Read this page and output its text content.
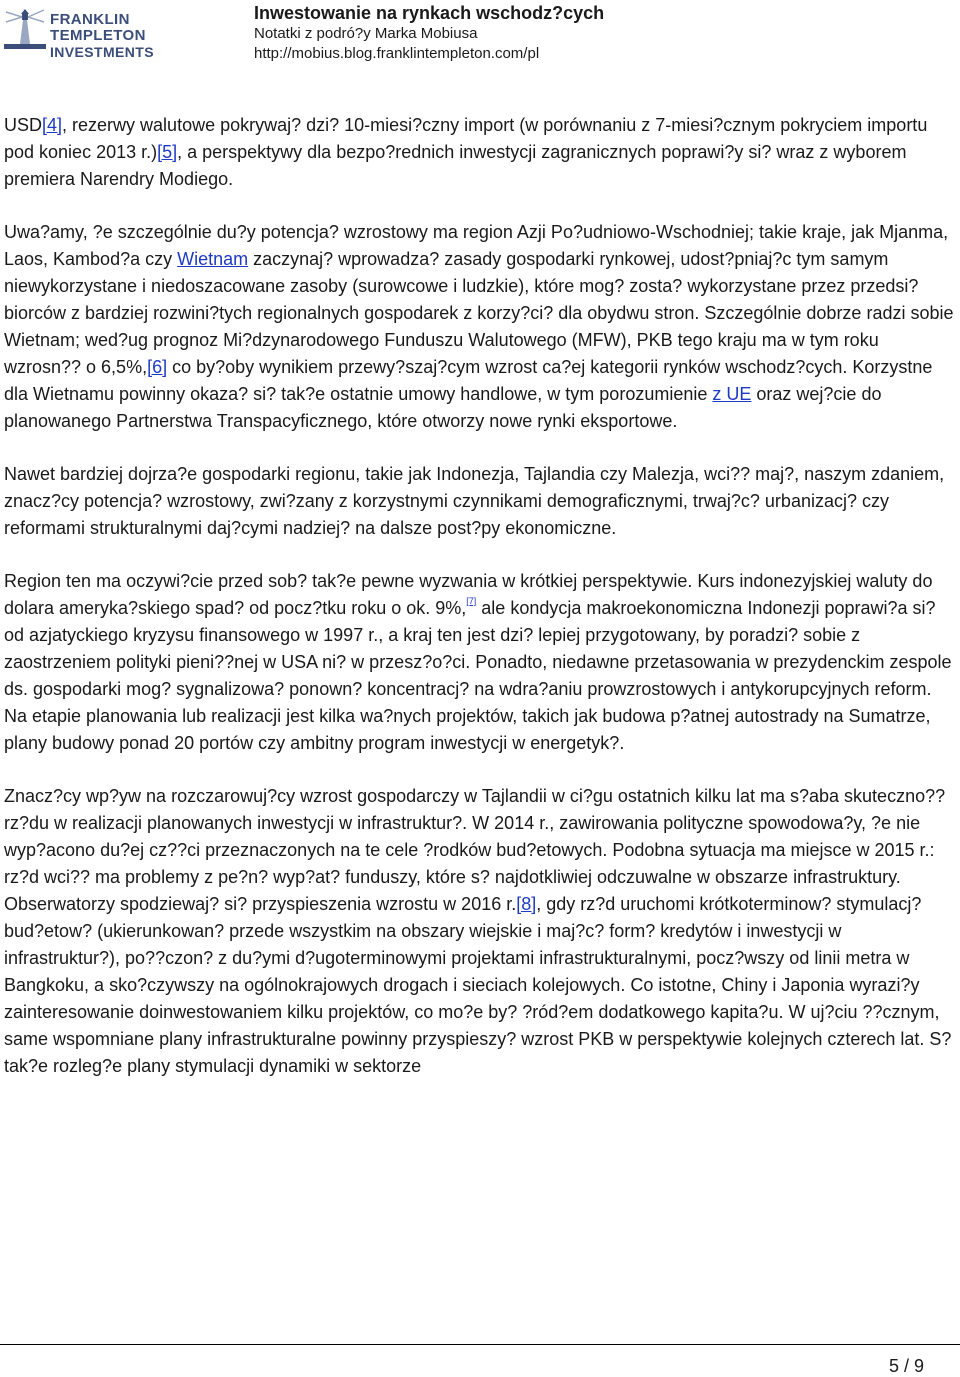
FRANKLIN TEMPLETON
INVESTMENTS
Inwestowanie na rynkach wschodz?cych
Notatki z podró?y Marka Mobiusa
http://mobius.blog.franklintempleton.com/pl

USD[4], rezerwy walutowe pokrywaj? dzi? 10-miesi?czny import (w porównaniu z 7-miesi?cznym pokryciem importu pod koniec 2013 r.)[5], a perspektywy dla bezpo?rednich inwestycji zagranicznych poprawi?y si? wraz z wyborem premiera Narendry Modiego.

Uwa?amy, ?e szczególnie du?y potencja? wzrostowy ma region Azji Po?udniowo-Wschodniej; takie kraje, jak Mjanma, Laos, Kambod?a czy Wietnam zaczynaj? wprowadza? zasady gospodarki rynkowej, udost?pniaj?c tym samym niewykorzystane i niedoszacowane zasoby (surowcowe i ludzkie), które mog? zosta? wykorzystane przez przedsi?biorców z bardziej rozwini?tych regionalnych gospodarek z korzy?ci? dla obydwu stron. Szczególnie dobrze radzi sobie Wietnam; wed?ug prognoz Mi?dzynarodowego Funduszu Walutowego (MFW), PKB tego kraju ma w tym roku wzrosn?? o 6,5%,[6] co by?oby wynikiem przewy?szaj?cym wzrost ca?ej kategorii rynków wschodz?cych. Korzystne dla Wietnamu powinny okaza? si? tak?e ostatnie umowy handlowe, w tym porozumienie z UE oraz wej?cie do planowanego Partnerstwa Transpacyficznego, które otworzy nowe rynki eksportowe.

Nawet bardziej dojrza?e gospodarki regionu, takie jak Indonezja, Tajlandia czy Malezja, wci?? maj?, naszym zdaniem, znacz?cy potencja? wzrostowy, zwi?zany z korzystnymi czynnikami demograficznymi, trwaj?c? urbanizacj? czy reformami strukturalnymi daj?cymi nadziej? na dalsze post?py ekonomiczne.

Region ten ma oczywi?cie przed sob? tak?e pewne wyzwania w krótkiej perspektywie. Kurs indonezyjskiej waluty do dolara ameryka?skiego spad? od pocz?tku roku o ok. 9%,[7] ale kondycja makroekonomiczna Indonezji poprawi?a si? od azjatyckiego kryzysu finansowego w 1997 r., a kraj ten jest dzi? lepiej przygotowany, by poradzi? sobie z zaostrzeniem polityki pieni??nej w USA ni? w przesz?o?ci. Ponadto, niedawne przetasowania w prezydenckim zespole ds. gospodarki mog? sygnalizowa? ponown? koncentracj? na wdra?aniu prowzrostowych i antykorupcyjnych reform. Na etapie planowania lub realizacji jest kilka wa?nych projektów, takich jak budowa p?atnej autostrady na Sumatrze, plany budowy ponad 20 portów czy ambitny program inwestycji w energetyk?.

Znacz?cy wp?yw na rozczarowuj?cy wzrost gospodarczy w Tajlandii w ci?gu ostatnich kilku lat ma s?aba skuteczno?? rz?du w realizacji planowanych inwestycji w infrastruktur?. W 2014 r., zawirowania polityczne spowodowa?y, ?e nie wyp?acono du?ej cz??ci przeznaczonych na te cele ?rodków bud?etowych. Podobna sytuacja ma miejsce w 2015 r.: rz?d wci?? ma problemy z pe?n? wyp?at? funduszy, które s? najdotkliwiej odczuwalne w obszarze infrastruktury. Obserwatorzy spodziewaj? si? przyspieszenia wzrostu w 2016 r.[8], gdy rz?d uruchomi krótkoterminow? stymulacj? bud?etow? (ukierunkowan? przede wszystkim na obszary wiejskie i maj?c? form? kredytów i inwestycji w infrastruktur?), po??czon? z du?ymi d?ugoterminowymi projektami infrastrukturalnymi, pocz?wszy od linii metra w Bangkoku, a sko?czywszy na ogólnokrajowych drogach i sieciach kolejowych. Co istotne, Chiny i Japonia wyrazi?y zainteresowanie doinwestowaniem kilku projektów, co mo?e by? ?ród?em dodatkowego kapita?u. W uj?ciu ??cznym, same wspomniane plany infrastrukturalne powinny przyspieszy? wzrost PKB w perspektywie kolejnych czterech lat. S? tak?e rozleg?e plany stymulacji dynamiki w sektorze

5 / 9
